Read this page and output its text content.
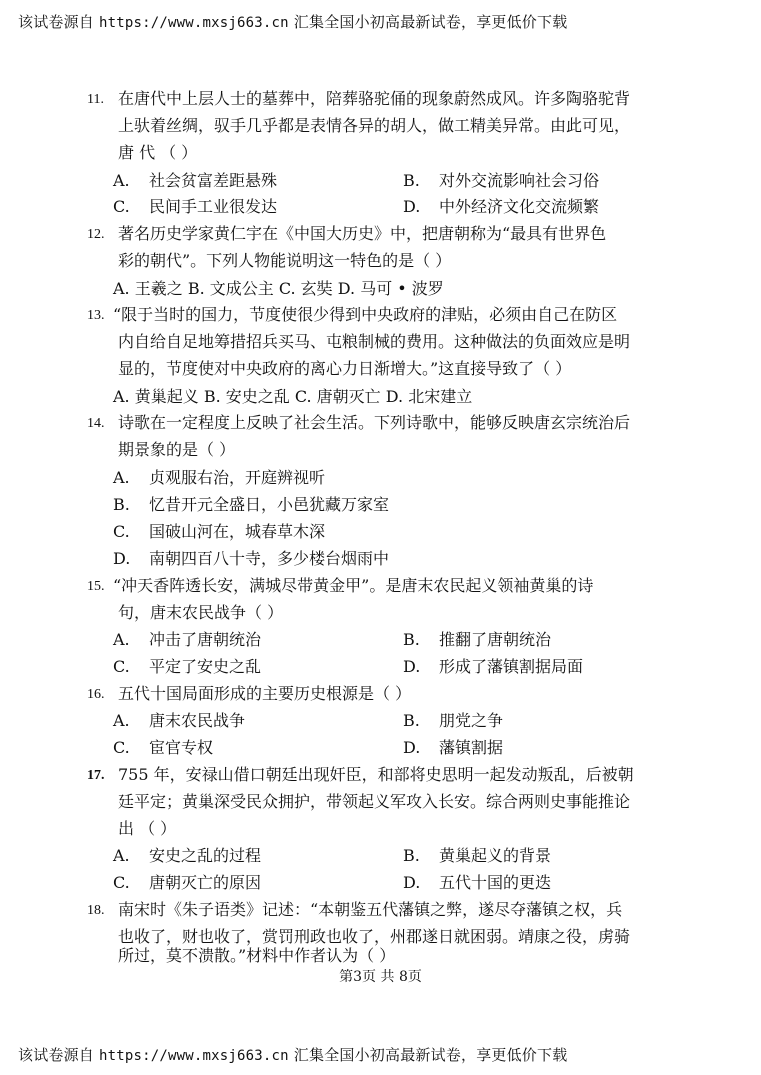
该试卷源自 https://www.mxsj663.cn 汇集全国小初高最新试卷，享更低价下载
11. 在唐代中上层人士的墓葬中，陪葬骆驼俑的现象蔚然成风。许多陶骆驼背
上驮着丝绸，驭手几乎都是表情各异的胡人，做工精美异常。由此可见，
唐 代 （ ）
A. 社会贫富差距悬殊	B. 对外交流影响社会习俗
C. 民间手工业很发达	D. 中外经济文化交流频繁
12. 著名历史学家黄仁宇在《中国大历史》中，把唐朝称为“最具有世界色
彩的朝代”。下列人物能说明这一特色的是（ ）
A. 王羲之 B. 文成公主 C. 玄奘 D. 马可 • 波罗
13. “限于当时的国力，节度使很少得到中央政府的津贴，必须由自己在防区
内自给自足地筹措招兵买马、屯粮制械的费用。这种做法的负面效应是明
显的，节度使对中央政府的离心力日渐增大。”这直接导致了（ ）
A. 黄巢起义 B. 安史之乱 C. 唐朝灭亡 D. 北宋建立
14. 诗歌在一定程度上反映了社会生活。下列诗歌中，能够反映唐玄宗统治后
期景象的是（ ）
A. 贞观服右治，开庭辨视听
B. 忆昔开元全盛日，小邑犹藏万家室
C. 国破山河在，城春草木深
D. 南朝四百八十寺，多少楼台烟雨中
15. “冲天香阵透长安，满城尽带黄金甲”。是唐末农民起义领袖黄巢的诗
句，唐末农民战争（ ）
A. 冲击了唐朝统治	B. 推翻了唐朝统治
C. 平定了安史之乱	D. 形成了藩镇割据局面
16. 五代十国局面形成的主要历史根源是（ ）
A. 唐末农民战争	B. 朋党之争
C. 宦官专权	D. 藩镇割据
17. 755 年，安禄山借口朝廷出现奸臣，和部将史思明一起发动叛乱，后被朝
廷平定；黄巢深受民众拥护，带领起义军攻入长安。综合两则史事能推论
出 （ ）
A. 安史之乱的过程	B. 黄巢起义的背景
C. 唐朝灭亡的原因	D. 五代十国的更迭
18. 南宋时《朱子语类》记述：“本朝鉴五代藩镇之弊，遂尽夺藩镇之权，兵
也收了，财也收了，赏罚刑政也收了，州郡遂日就困弱。靖康之役，虏骑
所过，莫不溃散。”材料中作者认为（ ）
第3页 共 8页
该试卷源自 https://www.mxsj663.cn 汇集全国小初高最新试卷，享更低价下载
